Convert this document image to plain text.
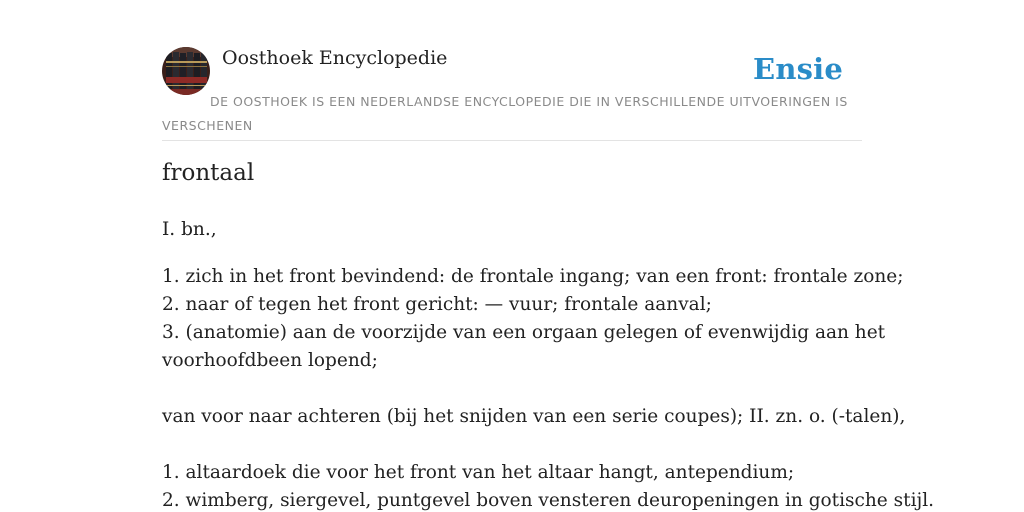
Oosthoek Encyclopedie	Ensie

DE OOSTHOEK IS EEN NEDERLANDSE ENCYCLOPEDIE DIE IN VERSCHILLENDE UITVOERINGEN IS VERSCHENEN

frontaal

I. bn.,

1. zich in het front bevindend: de frontale ingang; van een front: frontale zone;

2. naar of tegen het front gericht: — vuur; frontale aanval;

3. (anatomie) aan de voorzijde van een orgaan gelegen of evenwijdig aan het

voorhoofdbeen lopend;

van voor naar achteren (bij het snijden van een serie coupes); II. zn. o. (-talen),

1. altaardoek die voor het front van het altaar hangt, antependium;

2. wimberg, siergevel, puntgevel boven vensteren deuropeningen in gotische stijl.
